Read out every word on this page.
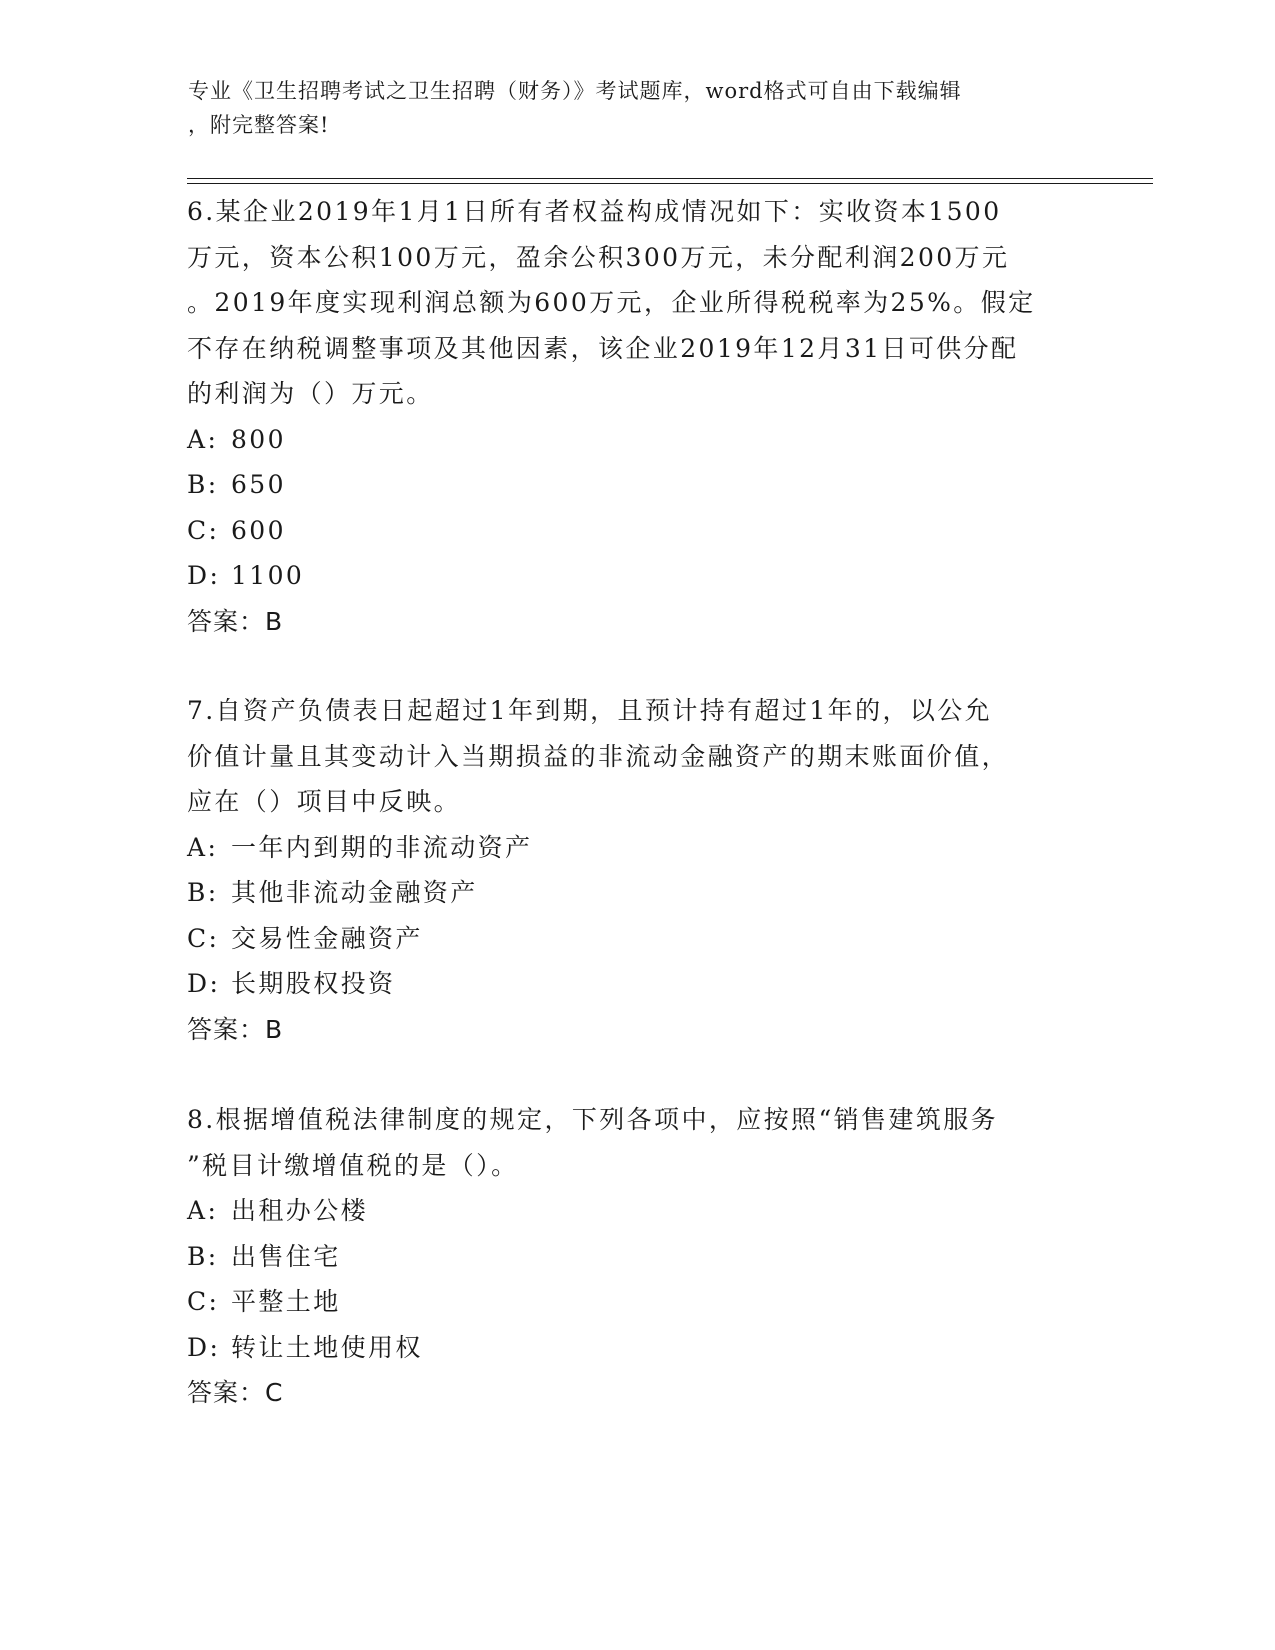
专业《卫生招聘考试之卫生招聘（财务）》考试题库，word格式可自由下载编辑
，附完整答案!

6.某企业2019年1月1日所有者权益构成情况如下：实收资本1500

万元，资本公积100万元，盈余公积300万元，未分配利润200万元

。2019年度实现利润总额为600万元，企业所得税税率为25%。假定

不存在纳税调整事项及其他因素，该企业2019年12月31日可供分配

的利润为（）万元。

A: 800

B: 650

C: 600

D: 1100

答案：B

7.自资产负债表日起超过1年到期，且预计持有超过1年的，以公允

价值计量且其变动计入当期损益的非流动金融资产的期末账面价值，

应在（）项目中反映。

A: 一年内到期的非流动资产

B: 其他非流动金融资产

C: 交易性金融资产

D: 长期股权投资

答案：B

8.根据增值税法律制度的规定，下列各项中，应按照“销售建筑服务

”税目计缴增值税的是（）。

A: 出租办公楼

B: 出售住宅

C: 平整土地

D: 转让土地使用权

答案：C
